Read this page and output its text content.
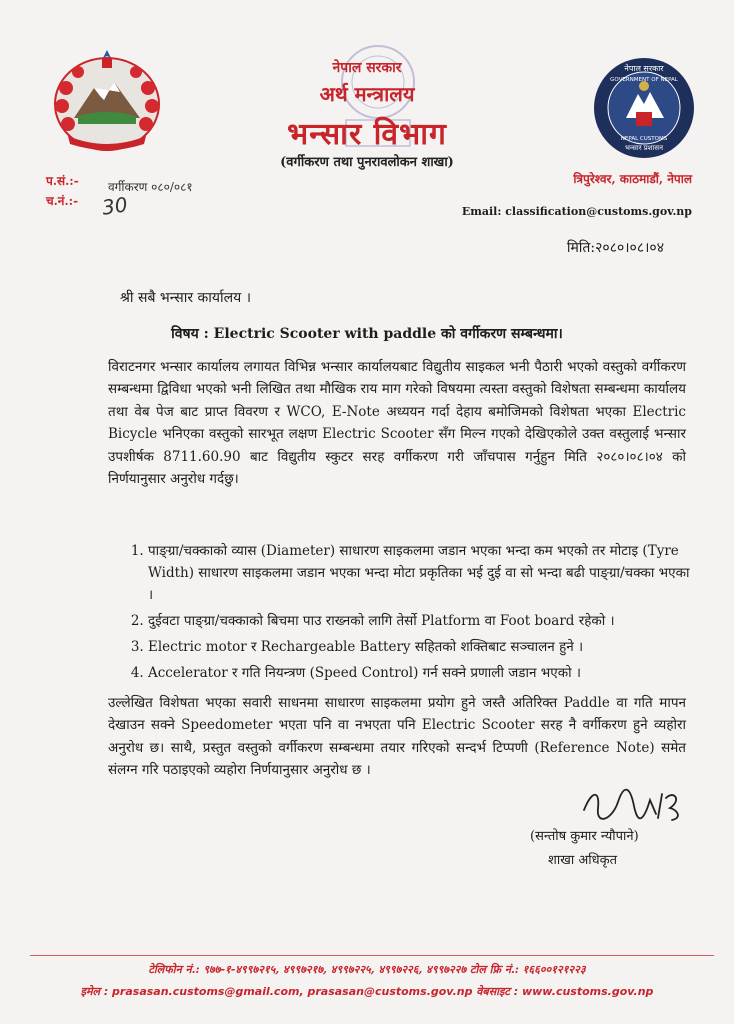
नेपाल सरकार
GOVERNMENT OF NEPAL
NEPAL CUSTOMS
भन्सार प्रशासन
नेपाल सरकार
अर्थ मन्त्रालय
भन्सार विभाग
(वर्गीकरण तथा पुनरावलोकन शाखा)
प.सं.:-
च.नं.:-
वर्गीकरण ०८०/०८१
30
त्रिपुरेश्वर, काठमाडौं, नेपाल
Email: classification@customs.gov.np
मिति:२०८०।०८।०४
श्री सबै भन्सार कार्यालय ।
विषय : Electric Scooter with paddle को वर्गीकरण सम्बन्धमा।
विराटनगर भन्सार कार्यालय लगायत विभिन्न भन्सार कार्यालयबाट विद्युतीय साइकल भनी पैठारी भएको वस्तुको वर्गीकरण सम्बन्धमा द्विविधा भएको भनी लिखित तथा मौखिक राय माग गरेको विषयमा त्यस्ता वस्तुको विशेषता सम्बन्धमा कार्यालय तथा वेब पेज बाट प्राप्त विवरण र WCO, E-Note अध्ययन गर्दा देहाय बमोजिमको विशेषता भएका Electric Bicycle भनिएका वस्तुको सारभूत लक्षण Electric Scooter सँग मिल्न गएको देखिएकोले उक्त वस्तुलाई भन्सार उपशीर्षक 8711.60.90 बाट विद्युतीय स्कुटर सरह वर्गीकरण गरी जाँचपास गर्नुहुन मिति २०८०।०८।०४ को निर्णयानुसार अनुरोध गर्दछु।
1. पाङ्ग्रा/चक्काको व्यास (Diameter) साधारण साइकलमा जडान भएका भन्दा कम भएको तर मोटाइ (Tyre Width) साधारण साइकलमा जडान भएका भन्दा मोटा प्रकृतिका भई दुई वा सो भन्दा बढी पाङ्ग्रा/चक्का भएका ।
2. दुईवटा पाङ्ग्रा/चक्काको बिचमा पाउ राख्नको लागि तेर्सो Platform वा Foot board रहेको ।
3. Electric motor र Rechargeable Battery सहितको शक्तिबाट सञ्चालन हुने ।
4. Accelerator र गति नियन्त्रण (Speed Control) गर्न सक्ने प्रणाली जडान भएको ।
उल्लेखित विशेषता भएका सवारी साधनमा साधारण साइकलमा प्रयोग हुने जस्तै अतिरिक्त Paddle वा गति मापन देखाउन सक्ने Speedometer भएता पनि वा नभएता पनि Electric Scooter सरह नै वर्गीकरण हुने व्यहोरा अनुरोध छ। साथै, प्रस्तुत वस्तुको वर्गीकरण सम्बन्धमा तयार गरिएको सन्दर्भ टिप्पणी (Reference Note) समेत संलग्न गरि पठाइएको व्यहोरा निर्णयानुसार अनुरोध छ ।
(सन्तोष कुमार न्यौपाने)
शाखा अधिकृत
टेलिफोन नं.: ९७७-१-४९९७२१५, ४९९७२१७, ४९९७२२५, ४९९७२२६, ४९९७२२७ टोल फ्रि नं.: १६६००१२१२२३
इमेल : prasasan.customs@gmail.com, prasasan@customs.gov.np वेबसाइट : www.customs.gov.np
